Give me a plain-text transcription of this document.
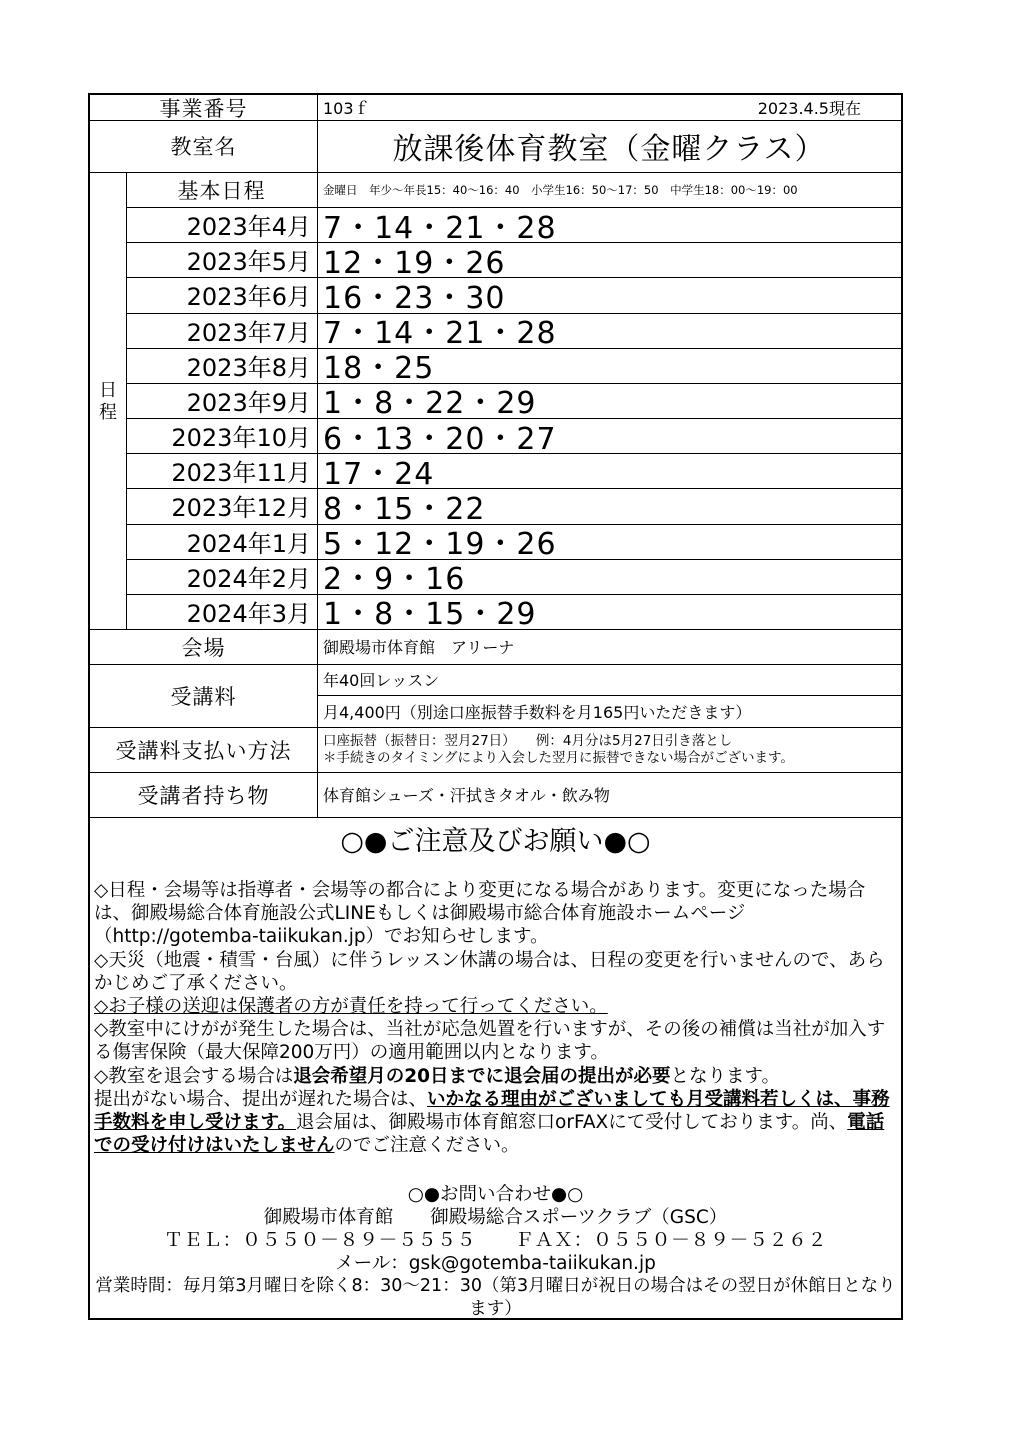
事業番号	103ｆ	2023.4.5現在
教室名	放課後体育教室（金曜クラス）
日
程
基本日程	金曜日　年少～年長15：40～16：40　小学生16：50～17：50　中学生18：00～19：00
2023年4月 7・14・21・28
2023年5月 12・19・26
2023年6月 16・23・30
2023年7月 7・14・21・28
2023年8月 18・25
2023年9月 1・8・22・29
2023年10月 6・13・20・27
2023年11月 17・24
2023年12月 8・15・22
2024年1月 5・12・19・26
2024年2月 2・9・16
2024年3月 1・8・15・29
会場	御殿場市体育館　アリーナ
受講料
年40回レッスン
月4,400円（別途口座振替手数料を月165円いただきます）
受講料支払い方法	口座振替（振替日：翌月27日）　　例：4月分は5月27日引き落とし
＊手続きのタイミングにより入会した翌月に振替できない場合がございます。
受講者持ち物	体育館シューズ・汗拭きタオル・飲み物
○●ご注意及びお願い●○

◇日程・会場等は指導者・会場等の都合により変更になる場合があります。変更になった場合は、御殿場総合体育施設公式LINEもしくは御殿場市総合体育施設ホームページ（http://gotemba-taiikukan.jp）でお知らせします。

◇天災（地震・積雪・台風）に伴うレッスン休講の場合は、日程の変更を行いませんので、あらかじめご了承ください。

◇お子様の送迎は保護者の方が責任を持って行ってください。

◇教室中にけがが発生した場合は、当社が応急処置を行いますが、その後の補償は当社が加入する傷害保険（最大保障200万円）の適用範囲以内となります。

◇教室を退会する場合は退会希望月の20日までに退会届の提出が必要となります。

提出がない場合、提出が遅れた場合は、いかなる理由がございましても月受講料若しくは、事務手数料を申し受けます。退会届は、御殿場市体育館窓口orFAXにて受付しております。尚、電話での受け付けはいたしませんのでご注意ください。

○●お問い合わせ●○
御殿場市体育館　　御殿場総合スポーツクラブ（GSC）
ＴＥＬ：０５５０－８９－５５５５　　ＦＡＸ：０５５０－８９－５２６２
メール：gsk@gotemba-taiikukan.jp
営業時間：毎月第3月曜日を除く8：30～21：30（第3月曜日が祝日の場合はその翌日が休館日となります）
